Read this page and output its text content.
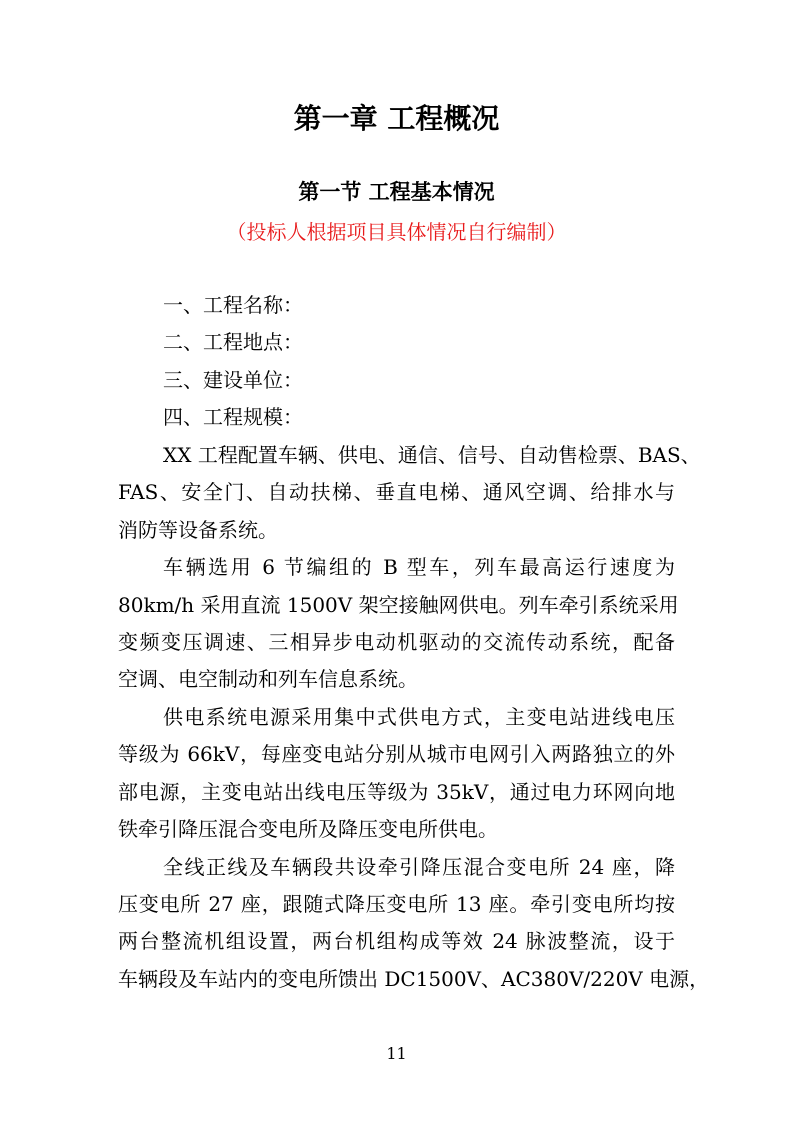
第一章 工程概况
第一节 工程基本情况
（投标人根据项目具体情况自行编制）
一、工程名称：
二、工程地点：
三、建设单位：
四、工程规模：
XX 工程配置车辆、供电、通信、信号、自动售检票、BAS、
FAS、安全门、自动扶梯、垂直电梯、通风空调、给排水与
消防等设备系统。
车辆选用 6 节编组的 B 型车，列车最高运行速度为
80km/h 采用直流 1500V 架空接触网供电。列车牵引系统采用
变频变压调速、三相异步电动机驱动的交流传动系统，配备
空调、电空制动和列车信息系统。
供电系统电源采用集中式供电方式，主变电站进线电压
等级为 66kV，每座变电站分别从城市电网引入两路独立的外
部电源，主变电站出线电压等级为 35kV，通过电力环网向地
铁牵引降压混合变电所及降压变电所供电。
全线正线及车辆段共设牵引降压混合变电所 24 座，降
压变电所 27 座，跟随式降压变电所 13 座。牵引变电所均按
两台整流机组设置，两台机组构成等效 24 脉波整流，设于
车辆段及车站内的变电所馈出 DC1500V、AC380V/220V 电源，
11
